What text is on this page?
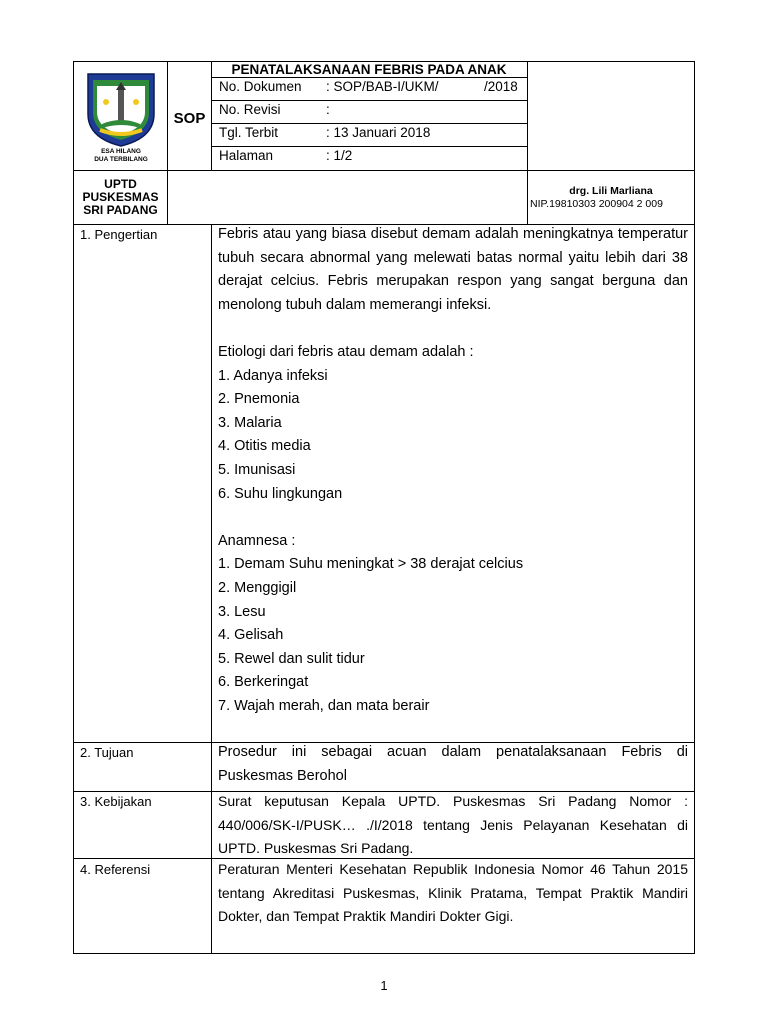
ESA HILANG
DUA TERBILANG
SOP
PENATALAKSANAAN FEBRIS PADA ANAK
No. Dokumen : SOP/BAB-I/UKM/	/2018
No. Revisi	:
Tgl. Terbit	: 13 Januari 2018
Halaman	: 1/2
UPTD
PUSKESMAS
SRI PADANG
drg. Lili Marliana
NIP.19810303 200904 2 009
1. Pengertian	Febris atau yang biasa disebut demam adalah meningkatnya temperatur tubuh secara abnormal yang melewati batas normal yaitu lebih dari 38 derajat celcius. Febris merupakan respon yang sangat berguna dan menolong tubuh dalam memerangi infeksi.

Etiologi dari febris atau demam adalah :

1. Adanya infeksi

2. Pnemonia

3. Malaria

4. Otitis media

5. Imunisasi

6. Suhu lingkungan

Anamnesa :

1. Demam Suhu meningkat > 38 derajat celcius

2. Menggigil

3. Lesu

4. Gelisah

5. Rewel dan sulit tidur

6. Berkeringat

7. Wajah merah, dan mata berair

2. Tujuan	Prosedur ini sebagai acuan dalam penatalaksanaan Febris di Puskesmas Berohol
3. Kebijakan	Surat keputusan Kepala UPTD. Puskesmas Sri Padang Nomor : 440/006/SK-I/PUSK… ./I/2018 tentang Jenis Pelayanan Kesehatan di UPTD. Puskesmas Sri Padang.
4. Referensi	Peraturan Menteri Kesehatan Republik Indonesia Nomor 46 Tahun 2015 tentang Akreditasi Puskesmas, Klinik Pratama, Tempat Praktik Mandiri Dokter, dan Tempat Praktik Mandiri Dokter Gigi.
1
